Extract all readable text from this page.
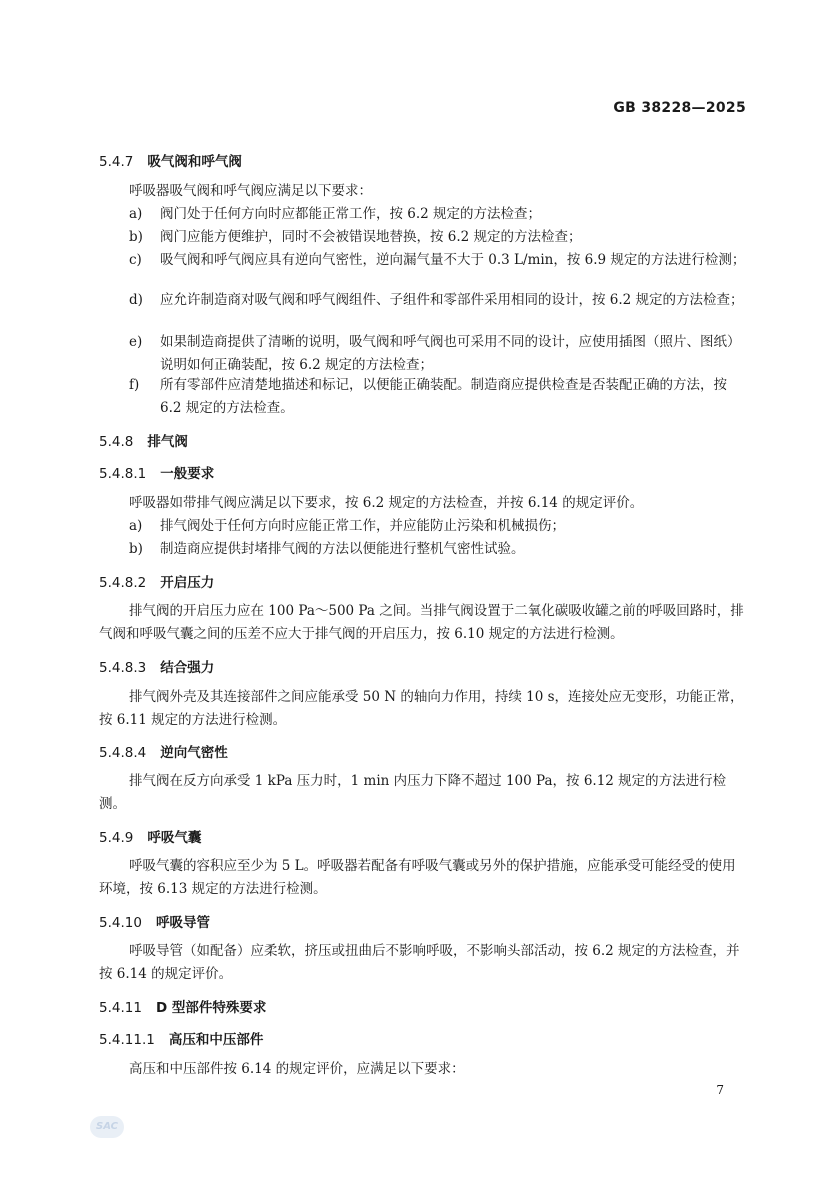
GB 38228—2025
5.4.7 吸气阀和呼气阀

呼吸器吸气阀和呼气阀应满足以下要求：

a) 阀门处于任何方向时应都能正常工作，按 6.2 规定的方法检查；
b) 阀门应能方便维护，同时不会被错误地替换，按 6.2 规定的方法检查；
c) 吸气阀和呼气阀应具有逆向气密性，逆向漏气量不大于 0.3 L/min，按 6.9 规定的方法进行检测；
d) 应允许制造商对吸气阀和呼气阀组件、子组件和零部件采用相同的设计，按 6.2 规定的方法检查；
e) 如果制造商提供了清晰的说明，吸气阀和呼气阀也可采用不同的设计，应使用插图（照片、图纸）说明如何正确装配，按 6.2 规定的方法检查；
f) 所有零部件应清楚地描述和标记，以便能正确装配。制造商应提供检查是否装配正确的方法，按 6.2 规定的方法检查。
5.4.8 排气阀
5.4.8.1 一般要求

呼吸器如带排气阀应满足以下要求，按 6.2 规定的方法检查，并按 6.14 的规定评价。

a) 排气阀处于任何方向时应能正常工作，并应能防止污染和机械损伤；
b) 制造商应提供封堵排气阀的方法以便能进行整机气密性试验。
5.4.8.2 开启压力

排气阀的开启压力应在 100 Pa～500 Pa 之间。当排气阀设置于二氧化碳吸收罐之前的呼吸回路时，排气阀和呼吸气囊之间的压差不应大于排气阀的开启压力，按 6.10 规定的方法进行检测。

5.4.8.3 结合强力

排气阀外壳及其连接部件之间应能承受 50 N 的轴向力作用，持续 10 s，连接处应无变形，功能正常，按 6.11 规定的方法进行检测。

5.4.8.4 逆向气密性

排气阀在反方向承受 1 kPa 压力时，1 min 内压力下降不超过 100 Pa，按 6.12 规定的方法进行检测。

5.4.9 呼吸气囊

呼吸气囊的容积应至少为 5 L。呼吸器若配备有呼吸气囊或另外的保护措施，应能承受可能经受的使用环境，按 6.13 规定的方法进行检测。

5.4.10 呼吸导管

呼吸导管（如配备）应柔软，挤压或扭曲后不影响呼吸，不影响头部活动，按 6.2 规定的方法检查，并按 6.14 的规定评价。

5.4.11 D 型部件特殊要求
5.4.11.1 高压和中压部件

高压和中压部件按 6.14 的规定评价，应满足以下要求：

7
SAC
